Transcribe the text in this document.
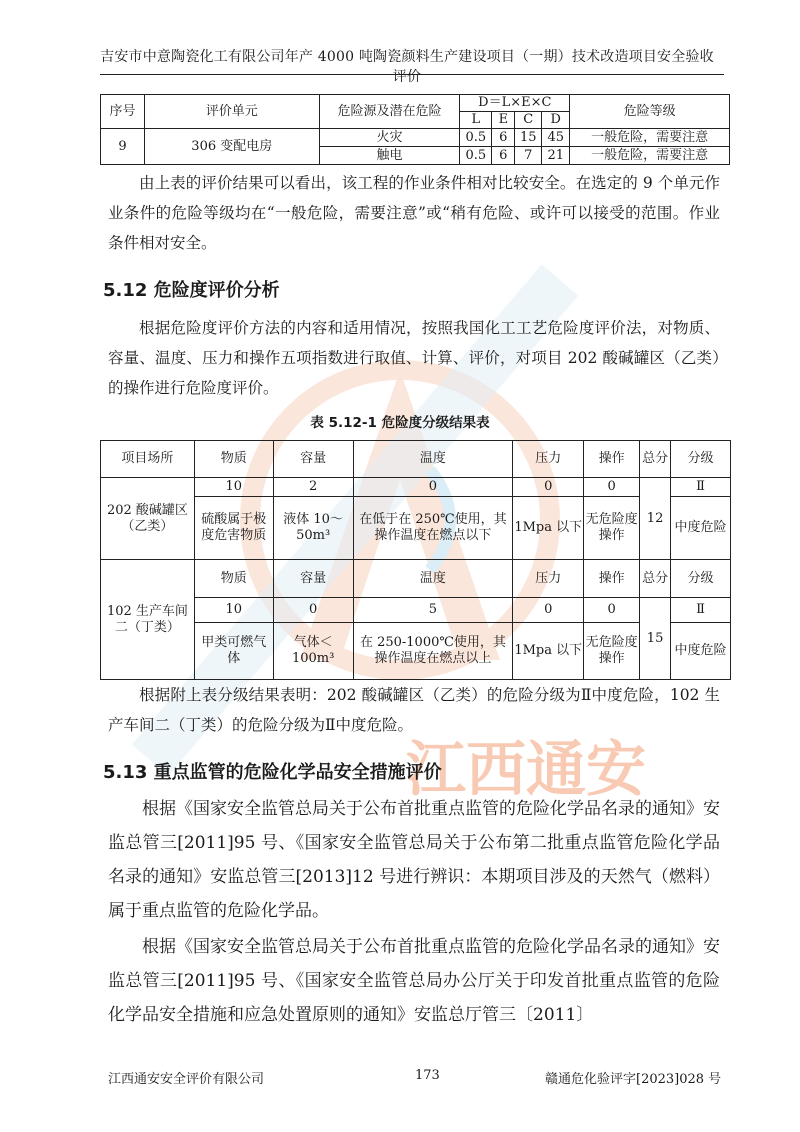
江西通安
吉安市中意陶瓷化工有限公司年产 4000 吨陶瓷颜料生产建设项目（一期）技术改造项目安全验收评价
序号	评价单元	危险源及潜在危险	D＝L×E×C				危险等级
			L	E	C	D	
9	306 变配电房	火灾	0.5	6	15	45	一般危险，需要注意
		触电	0.5	6	7	21	一般危险，需要注意
由上表的评价结果可以看出，该工程的作业条件相对比较安全。在选定的 9 个单元作业条件的危险等级均在“一般危险，需要注意”或“稍有危险、或许可以接受的范围。作业条件相对安全。
5.12 危险度评价分析
根据危险度评价方法的内容和适用情况，按照我国化工工艺危险度评价法，对物质、容量、温度、压力和操作五项指数进行取值、计算、评价，对项目 202 酸碱罐区（乙类）的操作进行危险度评价。
表 5.12-1 危险度分级结果表
项目场所	物质	容量	温度	压力	操作	总分	分级
202 酸碱罐区（乙类）	10	2	0	0	0	12	Ⅱ
	硫酸属于极度危害物质	液体 10～50m³	在低于在 250℃使用，其操作温度在燃点以下	1Mpa 以下	无危险度操作		中度危险
102 生产车间二（丁类）	物质	容量	温度	压力	操作	总分	分级
	10	0	5	0	0	15	Ⅱ
	甲类可燃气体	气体＜100m³	在 250-1000℃使用，其操作温度在燃点以上	1Mpa 以下	无危险度操作		中度危险
根据附上表分级结果表明：202 酸碱罐区（乙类）的危险分级为Ⅱ中度危险，102 生产车间二（丁类）的危险分级为Ⅱ中度危险。
5.13 重点监管的危险化学品安全措施评价
根据《国家安全监管总局关于公布首批重点监管的危险化学品名录的通知》安监总管三[2011]95 号、《国家安全监管总局关于公布第二批重点监管危险化学品名录的通知》安监总管三[2013]12 号进行辨识：本期项目涉及的天然气（燃料）属于重点监管的危险化学品。
根据《国家安全监管总局关于公布首批重点监管的危险化学品名录的通知》安监总管三[2011]95 号、《国家安全监管总局办公厅关于印发首批重点监管的危险化学品安全措施和应急处置原则的通知》安监总厅管三〔2011〕
江西通安安全评价有限公司	173	赣通危化验评字[2023]028 号
